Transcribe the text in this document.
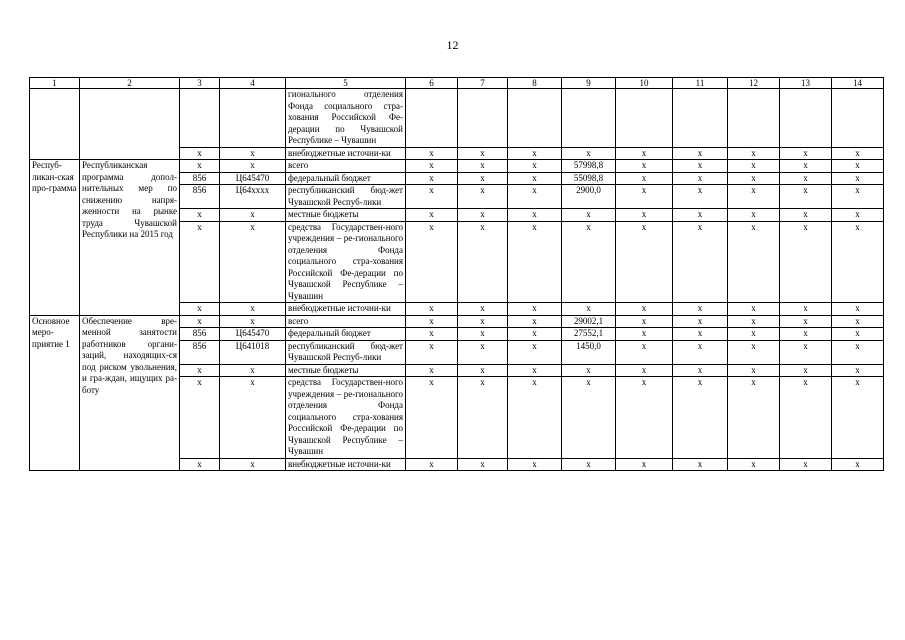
12
1	2	3	4	5	6	7	8	9	10	11	12	13	14
				гионального отделения Фонда социального стра-хования Российской Фе-дерации по Чувашской Республике – Чувашин									
		x	x	внебюджетные источни-ки	x	x	x	x	x	x	x	x	x
Респуб-ликан-ская про-грамма	Республиканская программа допол-нительных мер по снижению напря-женности на рынке труда Чувашской Республики на 2015 год	x	x	всего	x	x	x	57998,8	x	x	x	x	x
		856	Ц645470	федеральный бюджет	x	x	x	55098,8	x	x	x	x	x
		856	Ц64xxxx	республиканский бюд-жет Чувашской Респуб-лики	x	x	x	2900,0	x	x	x	x	x
		x	x	местные бюджеты	x	x	x	x	x	x	x	x	x
		x	x	средства Государствен-ного учреждения – ре-гионального отделения Фонда социального стра-хования Российской Фе-дерации по Чувашской Республике – Чувашин	x	x	x	x	x	x	x	x	x
		x	x	внебюджетные источни-ки	x	x	x	x	x	x	x	x	x
Основное меро-приятие 1	Обеспечение вре-менной занятости работников органи-заций, находящих-ся под риском увольнения, и гра-ждан, ищущих ра-боту	x	x	всего	x	x	x	29002,1	x	x	x	x	x
		856	Ц645470	федеральный бюджет	x	x	x	27552,1	x	x	x	x	x
		856	Ц641018	республиканский бюд-жет Чувашской Респуб-лики	x	x	x	1450,0	x	x	x	x	x
		x	x	местные бюджеты	x	x	x	x	x	x	x	x	x
		x	x	средства Государствен-ного учреждения – ре-гионального отделения Фонда социального стра-хования Российской Фе-дерации по Чувашской Республике – Чувашин	x	x	x	x	x	x	x	x	x
		x	x	внебюджетные источни-ки	x	x	x	x	x	x	x	x	x
